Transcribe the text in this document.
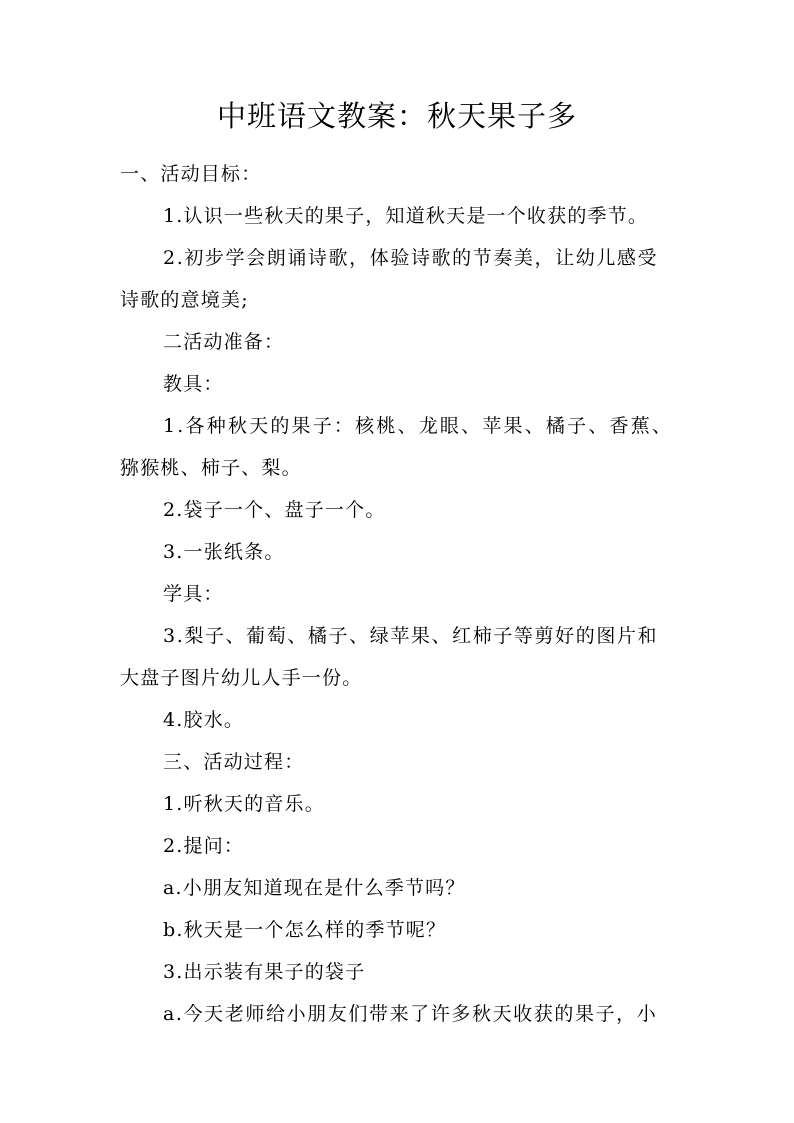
中班语文教案：秋天果子多

一、活动目标：

1.认识一些秋天的果子，知道秋天是一个收获的季节。

2.初步学会朗诵诗歌，体验诗歌的节奏美，让幼儿感受

诗歌的意境美;

二活动准备：

教具：

1.各种秋天的果子：核桃、龙眼、苹果、橘子、香蕉、

猕猴桃、柿子、梨。

2.袋子一个、盘子一个。

3.一张纸条。

学具：

3.梨子、葡萄、橘子、绿苹果、红柿子等剪好的图片和

大盘子图片幼儿人手一份。

4.胶水。

三、活动过程：

1.听秋天的音乐。

2.提问：

a.小朋友知道现在是什么季节吗？

b.秋天是一个怎么样的季节呢？

3.出示装有果子的袋子

a.今天老师给小朋友们带来了许多秋天收获的果子，小
